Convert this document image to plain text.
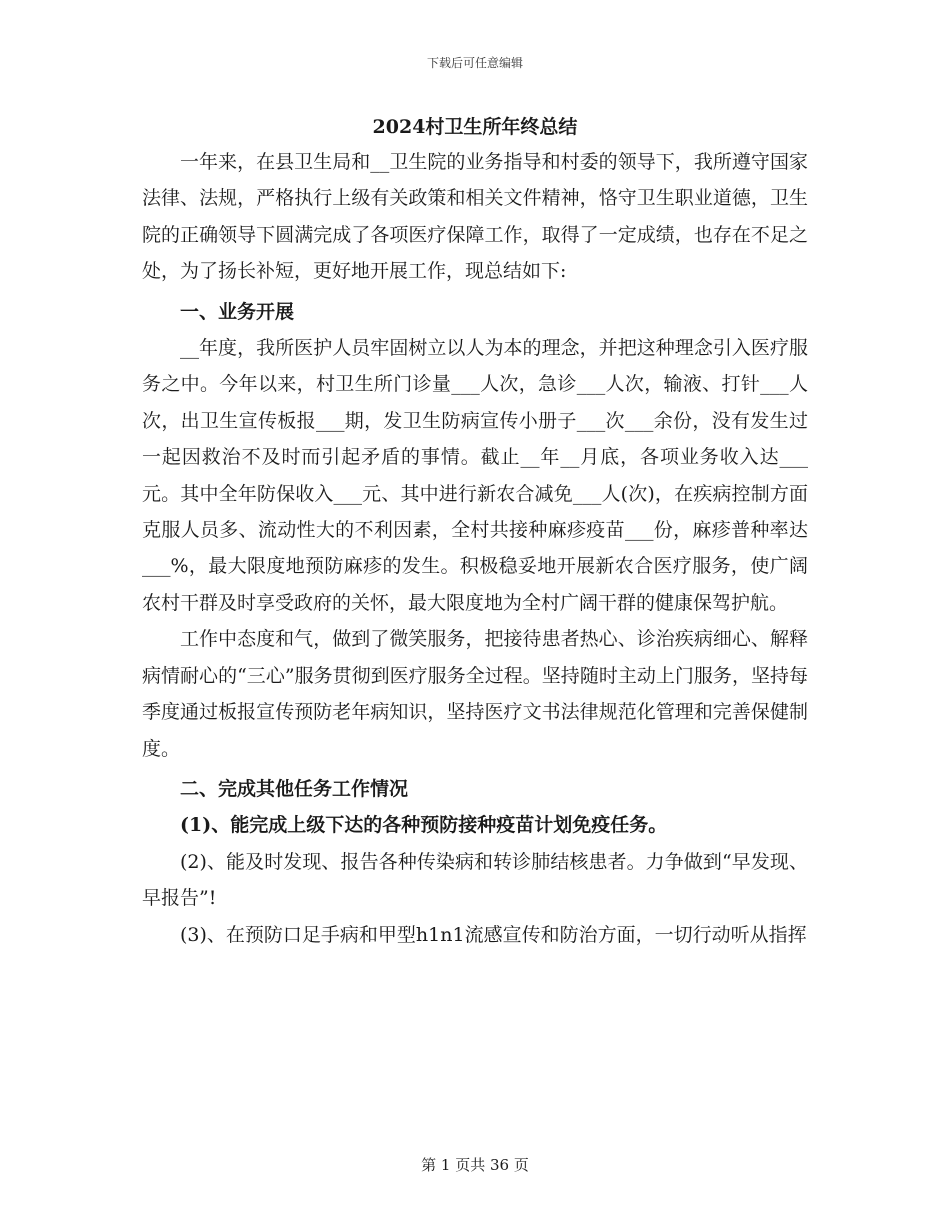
下载后可任意编辑
2024村卫生所年终总结

一年来，在县卫生局和__卫生院的业务指导和村委的领导下，我所遵守国家法律、法规，严格执行上级有关政策和相关文件精神，恪守卫生职业道德，卫生院的正确领导下圆满完成了各项医疗保障工作，取得了一定成绩，也存在不足之处，为了扬长补短，更好地开展工作，现总结如下:

一、业务开展

__年度，我所医护人员牢固树立以人为本的理念，并把这种理念引入医疗服务之中。今年以来，村卫生所门诊量___人次，急诊___人次，输液、打针___人次，出卫生宣传板报___期，发卫生防病宣传小册子___次___余份，没有发生过一起因救治不及时而引起矛盾的事情。截止__年__月底，各项业务收入达___元。其中全年防保收入___元、其中进行新农合减免___人(次)，在疾病控制方面克服人员多、流动性大的不利因素，全村共接种麻疹疫苗___份，麻疹普种率达___%，最大限度地预防麻疹的发生。积极稳妥地开展新农合医疗服务，使广阔农村干群及时享受政府的关怀，最大限度地为全村广阔干群的健康保驾护航。

工作中态度和气，做到了微笑服务，把接待患者热心、诊治疾病细心、解释病情耐心的“三心”服务贯彻到医疗服务全过程。坚持随时主动上门服务，坚持每季度通过板报宣传预防老年病知识，坚持医疗文书法律规范化管理和完善保健制度。

二、完成其他任务工作情况

(1)、能完成上级下达的各种预防接种疫苗计划免疫任务。

(2)、能及时发现、报告各种传染病和转诊肺结核患者。力争做到“早发现、早报告”!

(3)、在预防口足手病和甲型h1n1流感宣传和防治方面，一切行动听从指挥

第 1 页共 36 页
